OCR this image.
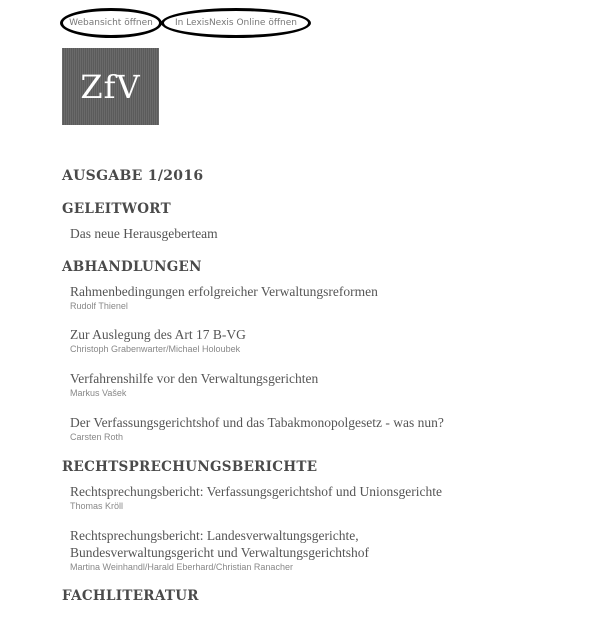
Webansicht öffnen	In LexisNexis Online öffnen
ZfV
AUSGABE 1/2016
GELEITWORT
Das neue Herausgeberteam
ABHANDLUNGEN
Rahmenbedingungen erfolgreicher Verwaltungsreformen
Rudolf Thienel
Zur Auslegung des Art 17 B-VG
Christoph Grabenwarter/Michael Holoubek
Verfahrenshilfe vor den Verwaltungsgerichten
Markus Vašek
Der Verfassungsgerichtshof und das Tabakmonopolgesetz - was nun?
Carsten Roth
RECHTSPRECHUNGSBERICHTE
Rechtsprechungsbericht: Verfassungsgerichtshof und Unionsgerichte
Thomas Kröll
Rechtsprechungsbericht: Landesverwaltungsgerichte, Bundesverwaltungsgericht und Verwaltungsgerichtshof
Martina Weinhandl/Harald Eberhard/Christian Ranacher
FACHLITERATUR
